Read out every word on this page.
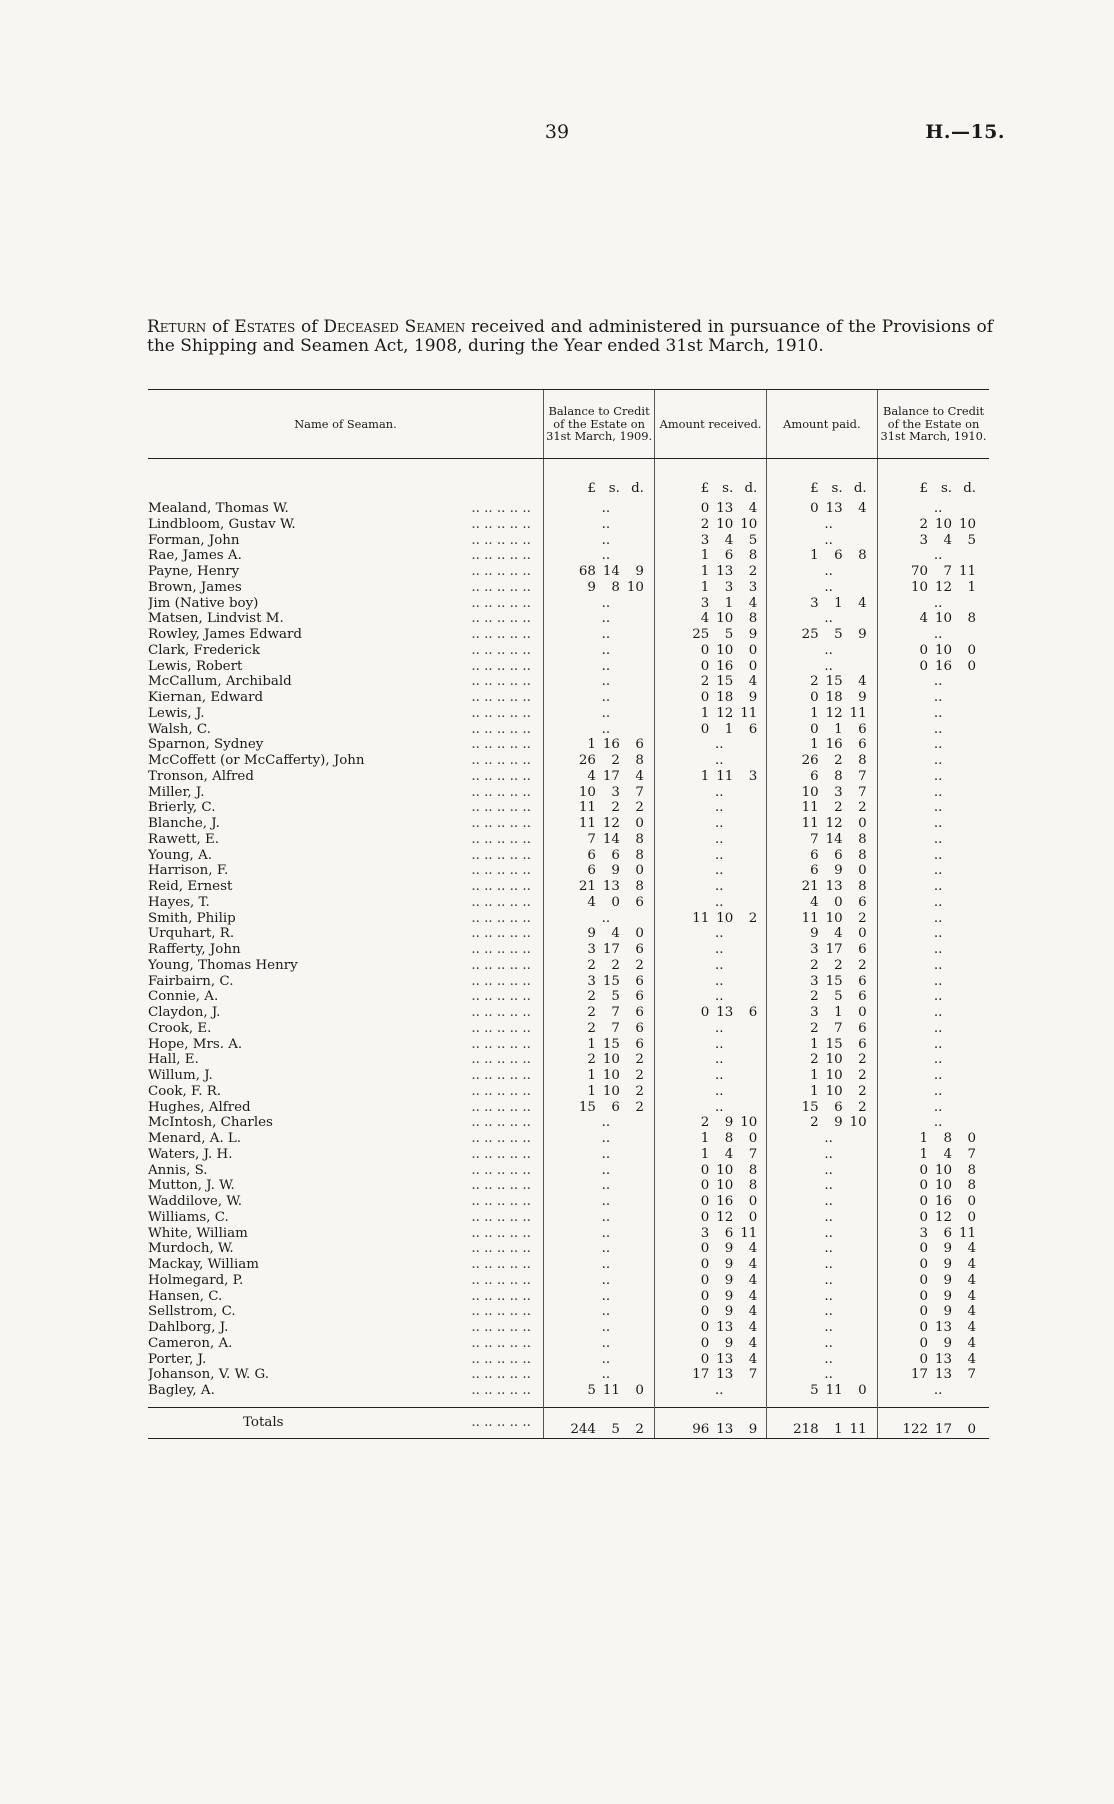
39	H.—15.
Return of Estates of Deceased Seamen received and administered in pursuance of the Provisions of the Shipping and Seamen Act, 1908, during the Year ended 31st March, 1910.
Name of Seaman.	Balance to Credit of the Estate on 31st March, 1909.	Amount received.	Amount paid.	Balance to Credit of the Estate on 31st March, 1910.

	£ s. d.	£ s. d.	£ s. d.	£ s. d.

.. .. .. .. ..
Mealand, Thomas W.	..	0 13 4	0 13 4	..

.. .. .. .. ..
Lindbloom, Gustav W.	..	2 10 10	..	2 10 10

.. .. .. .. ..
Forman, John	..	3 4 5	..	3 4 5

.. .. .. .. ..
Rae, James A.	..	1 6 8	1 6 8	..

.. .. .. .. ..
Payne, Henry	68 14 9	1 13 2	..	70 7 11

.. .. .. .. ..
Brown, James	9 8 10	1 3 3	..	10 12 1

.. .. .. .. ..
Jim (Native boy)	..	3 1 4	3 1 4	..

.. .. .. .. ..
Matsen, Lindvist M.	..	4 10 8	..	4 10 8

.. .. .. .. ..
Rowley, James Edward	..	25 5 9	25 5 9	..

.. .. .. .. ..
Clark, Frederick	..	0 10 0	..	0 10 0

.. .. .. .. ..
Lewis, Robert	..	0 16 0	..	0 16 0

.. .. .. .. ..
McCallum, Archibald	..	2 15 4	2 15 4	..

.. .. .. .. ..
Kiernan, Edward	..	0 18 9	0 18 9	..

.. .. .. .. ..
Lewis, J.	..	1 12 11	1 12 11	..

.. .. .. .. ..
Walsh, C.	..	0 1 6	0 1 6	..

.. .. .. .. ..
Sparnon, Sydney	1 16 6	..	1 16 6	..

.. .. .. .. ..
McCoffett (or McCafferty), John	26 2 8	..	26 2 8	..

.. .. .. .. ..
Tronson, Alfred	4 17 4	1 11 3	6 8 7	..

.. .. .. .. ..
Miller, J.	10 3 7	..	10 3 7	..

.. .. .. .. ..
Brierly, C.	11 2 2	..	11 2 2	..

.. .. .. .. ..
Blanche, J.	11 12 0	..	11 12 0	..

.. .. .. .. ..
Rawett, E.	7 14 8	..	7 14 8	..

.. .. .. .. ..
Young, A.	6 6 8	..	6 6 8	..

.. .. .. .. ..
Harrison, F.	6 9 0	..	6 9 0	..

.. .. .. .. ..
Reid, Ernest	21 13 8	..	21 13 8	..

.. .. .. .. ..
Hayes, T.	4 0 6	..	4 0 6	..

.. .. .. .. ..
Smith, Philip	..	11 10 2	11 10 2	..

.. .. .. .. ..
Urquhart, R.	9 4 0	..	9 4 0	..

.. .. .. .. ..
Rafferty, John	3 17 6	..	3 17 6	..

.. .. .. .. ..
Young, Thomas Henry	2 2 2	..	2 2 2	..

.. .. .. .. ..
Fairbairn, C.	3 15 6	..	3 15 6	..

.. .. .. .. ..
Connie, A.	2 5 6	..	2 5 6	..

.. .. .. .. ..
Claydon, J.	2 7 6	0 13 6	3 1 0	..

.. .. .. .. ..
Crook, E.	2 7 6	..	2 7 6	..

.. .. .. .. ..
Hope, Mrs. A.	1 15 6	..	1 15 6	..

.. .. .. .. ..
Hall, E.	2 10 2	..	2 10 2	..

.. .. .. .. ..
Willum, J.	1 10 2	..	1 10 2	..

.. .. .. .. ..
Cook, F. R.	1 10 2	..	1 10 2	..

.. .. .. .. ..
Hughes, Alfred	15 6 2	..	15 6 2	..

.. .. .. .. ..
McIntosh, Charles	..	2 9 10	2 9 10	..

.. .. .. .. ..
Menard, A. L.	..	1 8 0	..	1 8 0

.. .. .. .. ..
Waters, J. H.	..	1 4 7	..	1 4 7

.. .. .. .. ..
Annis, S.	..	0 10 8	..	0 10 8

.. .. .. .. ..
Mutton, J. W.	..	0 10 8	..	0 10 8

.. .. .. .. ..
Waddilove, W.	..	0 16 0	..	0 16 0

.. .. .. .. ..
Williams, C.	..	0 12 0	..	0 12 0

.. .. .. .. ..
White, William	..	3 6 11	..	3 6 11

.. .. .. .. ..
Murdoch, W.	..	0 9 4	..	0 9 4

.. .. .. .. ..
Mackay, William	..	0 9 4	..	0 9 4

.. .. .. .. ..
Holmegard, P.	..	0 9 4	..	0 9 4

.. .. .. .. ..
Hansen, C.	..	0 9 4	..	0 9 4

.. .. .. .. ..
Sellstrom, C.	..	0 9 4	..	0 9 4

.. .. .. .. ..
Dahlborg, J.	..	0 13 4	..	0 13 4

.. .. .. .. ..
Cameron, A.	..	0 9 4	..	0 9 4

.. .. .. .. ..
Porter, J.	..	0 13 4	..	0 13 4

.. .. .. .. ..
Johanson, V. W. G.	..	17 13 7	..	17 13 7

.. .. .. .. ..
Bagley, A.	5 11 0	..	5 11 0	..

.. .. .. .. ..
Totals	244 5 2	96 13 9	218 1 11	122 17 0
